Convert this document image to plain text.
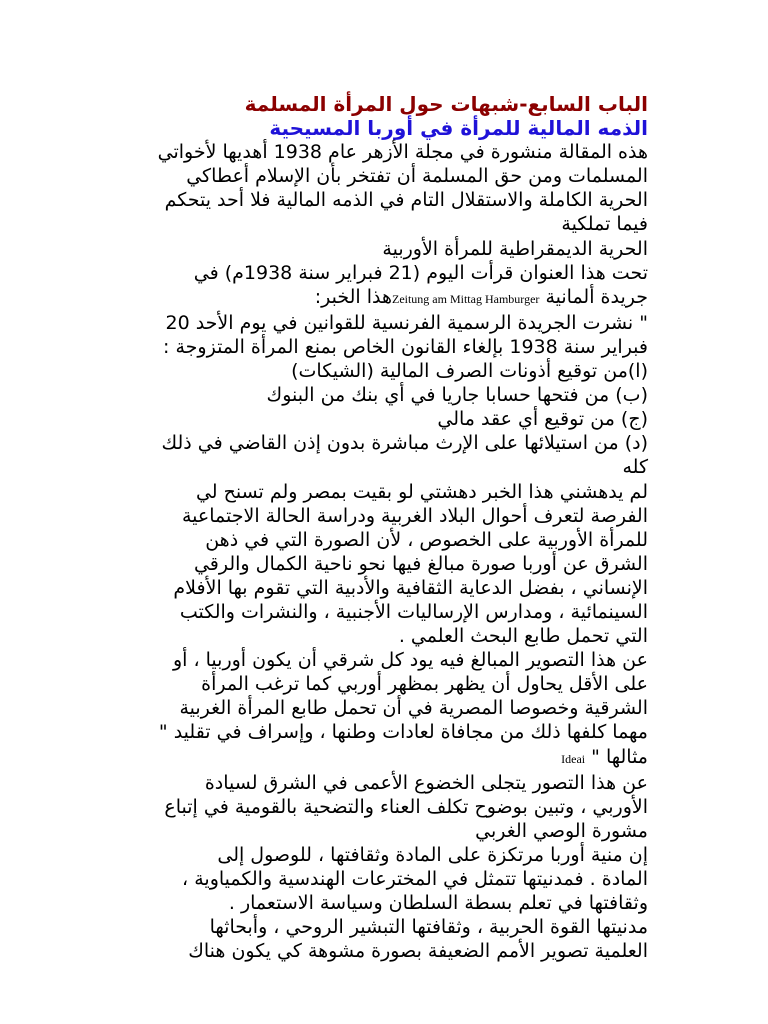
الباب السابع-شبهات حول المرأة المسلمة
الذمه المالية للمرأة في أوربا المسيحية
هذه المقالة منشورة في مجلة الأزهر عام 1938 أهديها لأخواتي
المسلمات ومن حق المسلمة أن تفتخر بأن الإسلام أعطاكي
الحرية الكاملة والاستقلال التام في الذمه المالية فلا أحد يتحكم
فيما تملكية
الحرية الديمقراطية للمرأة الأوربية
تحت هذا العنوان قرأت اليوم (21 فبراير سنة 1938م) في
جريدة ألمانية Zeitung am Mittag Hamburgerهذا الخبر:
" نشرت الجريدة الرسمية الفرنسية للقوانين في يوم الأحد 20
فبراير سنة 1938 بإلغاء القانون الخاص بمنع المرأة المتزوجة :
(ا)من توقيع أذونات الصرف المالية (الشيكات)
(ب) من فتحها حسابا جاريا في أي بنك من البنوك
(ج) من توقيع أي عقد مالي
(د) من استيلائها على الإرث مباشرة بدون إذن القاضي في ذلك
كله
لم يدهشني هذا الخبر دهشتي لو بقيت بمصر ولم تسنح لي
الفرصة لتعرف أحوال البلاد الغربية ودراسة الحالة الاجتماعية
للمرأة الأوربية على الخصوص ، لأن الصورة التي في ذهن
الشرق عن أوربا صورة مبالغ فيها نحو ناحية الكمال والرقي
الإنساني ، بفضل الدعاية الثقافية والأدبية التي تقوم بها الأفلام
السينمائية ، ومدارس الإرساليات الأجنبية ، والنشرات والكتب
التي تحمل طابع البحث العلمي .
عن هذا التصوير المبالغ فيه يود كل شرقي أن يكون أوربيا ، أو
على الأقل يحاول أن يظهر بمظهر أوربي كما ترغب المرأة
الشرقية وخصوصا المصرية في أن تحمل طابع المرأة الغربية
مهما كلفها ذلك من مجافاة لعادات وطنها ، وإسراف في تقليد "
مثالها " Ideai
عن هذا التصور يتجلى الخضوع الأعمى في الشرق لسيادة
الأوربي ، وتبين بوضوح تكلف العناء والتضحية بالقومية في إتباع
مشورة الوصي الغربي
إن منية أوربا مرتكزة على المادة وثقافتها ، للوصول إلى
المادة . فمدنيتها تتمثل في المخترعات الهندسية والكمياوية ،
وثقافتها في تعلم بسطة السلطان وسياسة الاستعمار .
مدنيتها القوة الحربية ، وثقافتها التبشير الروحي ، وأبحاثها
العلمية تصوير الأمم الضعيفة بصورة مشوهة كي يكون هناك
